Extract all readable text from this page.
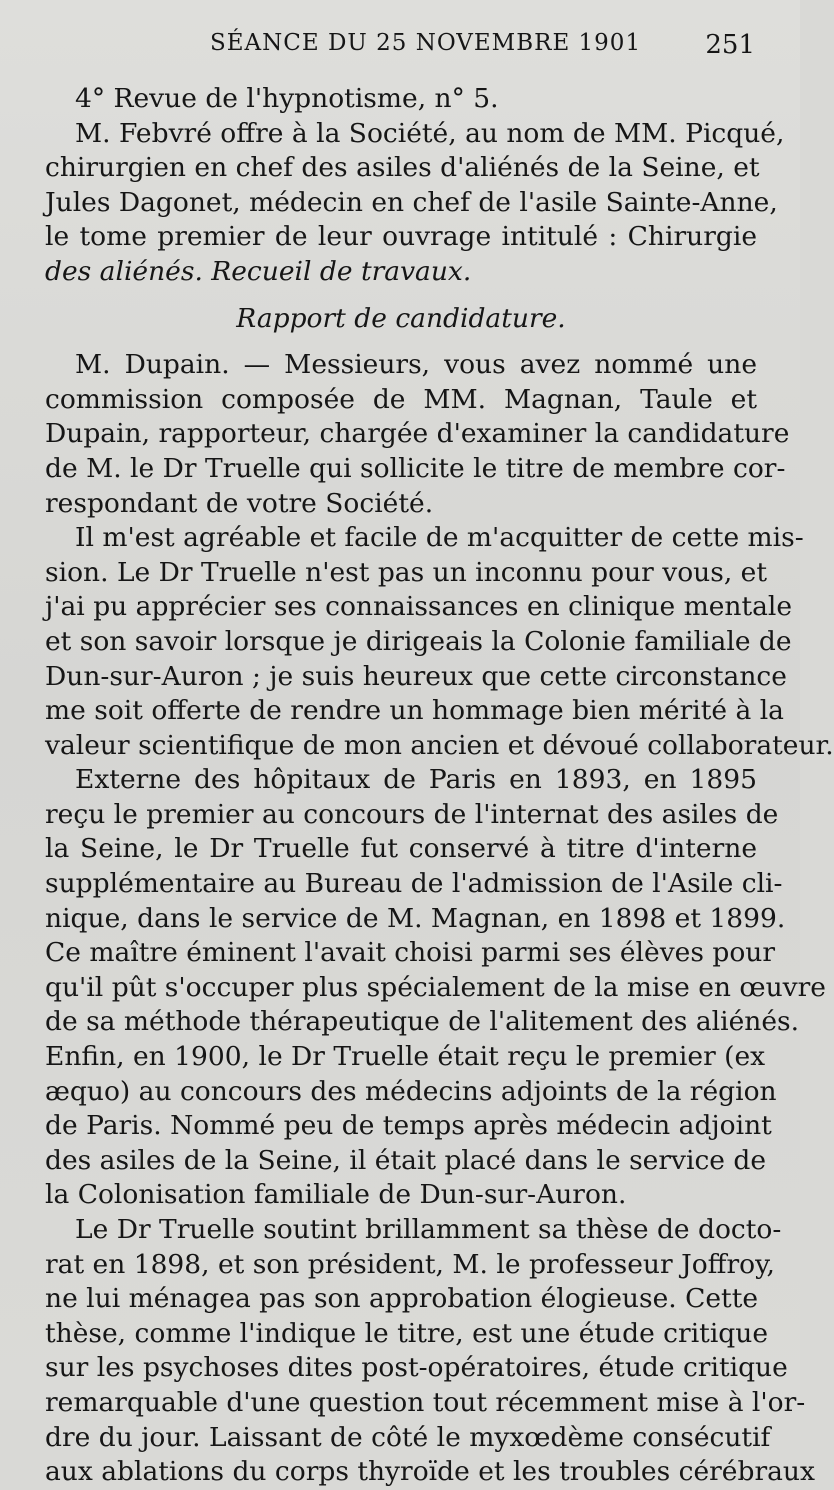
SÉANCE DU 25 NOVEMBRE 1901 251
4° Revue de l'hypnotisme, n° 5.
M. Febvré offre à la Société, au nom de MM. Picqué,
chirurgien en chef des asiles d'aliénés de la Seine, et
Jules Dagonet, médecin en chef de l'asile Sainte-Anne,
le tome premier de leur ouvrage intitulé : Chirurgie
des aliénés. Recueil de travaux.
Rapport de candidature.
M. Dupain. — Messieurs, vous avez nommé une
commission composée de MM. Magnan, Taule et
Dupain, rapporteur, chargée d'examiner la candidature
de M. le Dr Truelle qui sollicite le titre de membre cor-
respondant de votre Société.
Il m'est agréable et facile de m'acquitter de cette mis-
sion. Le Dr Truelle n'est pas un inconnu pour vous, et
j'ai pu apprécier ses connaissances en clinique mentale
et son savoir lorsque je dirigeais la Colonie familiale de
Dun-sur-Auron ; je suis heureux que cette circonstance
me soit offerte de rendre un hommage bien mérité à la
valeur scientifique de mon ancien et dévoué collaborateur.
Externe des hôpitaux de Paris en 1893, en 1895
reçu le premier au concours de l'internat des asiles de
la Seine, le Dr Truelle fut conservé à titre d'interne
supplémentaire au Bureau de l'admission de l'Asile cli-
nique, dans le service de M. Magnan, en 1898 et 1899.
Ce maître éminent l'avait choisi parmi ses élèves pour
qu'il pût s'occuper plus spécialement de la mise en œuvre
de sa méthode thérapeutique de l'alitement des aliénés.
Enfin, en 1900, le Dr Truelle était reçu le premier (ex
æquo) au concours des médecins adjoints de la région
de Paris. Nommé peu de temps après médecin adjoint
des asiles de la Seine, il était placé dans le service de
la Colonisation familiale de Dun-sur-Auron.
Le Dr Truelle soutint brillamment sa thèse de docto-
rat en 1898, et son président, M. le professeur Joffroy,
ne lui ménagea pas son approbation élogieuse. Cette
thèse, comme l'indique le titre, est une étude critique
sur les psychoses dites post-opératoires, étude critique
remarquable d'une question tout récemment mise à l'or-
dre du jour. Laissant de côté le myxœdème consécutif
aux ablations du corps thyroïde et les troubles cérébraux
